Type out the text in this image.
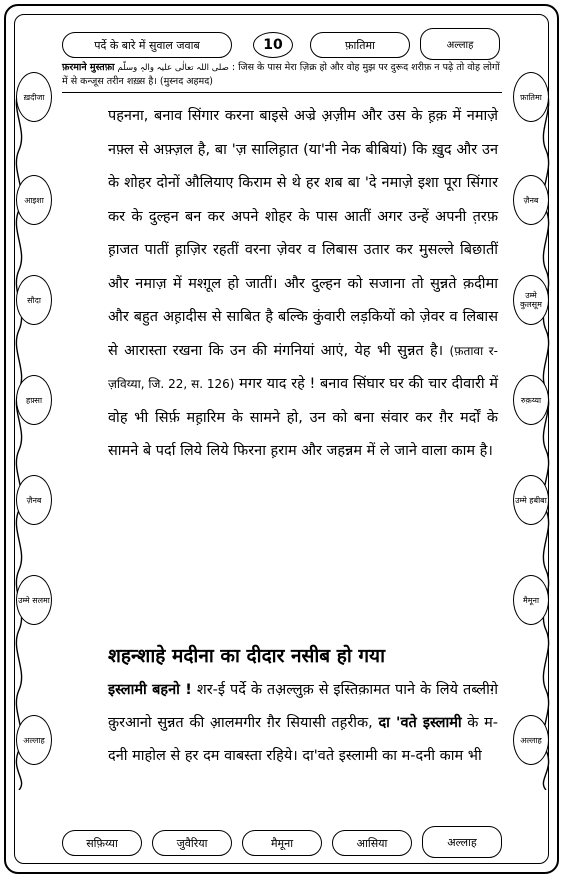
पर्दे के बारे में सुवाल जवाब	10	फ़ातिमा	अल्लाह
फ़रमाने मुस्तफ़ा صلی اللہ تعالٰی علیہ والہٖ وسلّم : जिस के पास मेरा ज़िक्र हो और वोह मुझ पर दुरूद शरीफ़ न पढ़े तो वोह लोगों में से कन्जूस तरीन शख़्स है। (मुस्नद अहमद)
ख़दीजा
आइशा
सौदा
हफ़्सा
ज़ैनब
उम्मे सलमा
अल्लाह
फ़ातिमा
ज़ैनब
उम्मे कुलसूम
रुक़य्या
उम्मे हबीबा
मैमूना
अल्लाह

पहनना, बनाव सिंगार करना बाइसे अज्रे अ़ज़ीम और उस के ह़क़ में नमाज़े नफ़्ल से अफ़्ज़ल है, बा 'ज़ सालिह़ात (या'नी नेक बीबियां) कि ख़ुद और उन के शोहर दोनों औलियाए किराम से थे हर शब बा 'दे नमाज़े इशा पूरा सिंगार कर के दुल्हन बन कर अपने शोहर के पास आतीं अगर उन्हें अपनी त़रफ़ ह़ाजत पातीं ह़ाज़िर रहतीं वरना ज़ेवर व लिबास उतार कर मुसल्ले बिछातीं और नमाज़ में मश्ग़ूल हो जातीं। और दुल्हन को सजाना तो सुन्नते क़दीमा और बहुत अह़ादीस से साबित है बल्कि कुंवारी लड़कियों को ज़ेवर व लिबास से आरास्ता रखना कि उन की मंगनियां आएं, येह भी सुन्नत है। (फ़तावा र-ज़विय्या, जि. 22, स. 126) मगर याद रहे ! बनाव सिंघार घर की चार दीवारी में वोह भी सिर्फ़ मह़ारिम के सामने हो, उन को बना संवार कर ग़ैर मर्दों के सामने बे पर्दा लिये लिये फिरना ह़राम और जहन्नम में ले जाने वाला काम है।

शहन्शाहे मदीना का दीदार नसीब हो गया

इस्लामी बहनो ! शर-ई पर्दे के तअ़ल्लुक़ से इस्तिक़ामत पाने के लिये तब्लीग़े क़ुरआनो सुन्नत की आ़लमगीर ग़ैर सियासी तह़रीक, दा 'वते इस्लामी के म-दनी माहोल से हर दम वाबस्ता रहिये। दा'वते इस्लामी का म-दनी काम भी

सफ़िय्या	जुवैरिया	मैमूना	आसिया	अल्लाह
